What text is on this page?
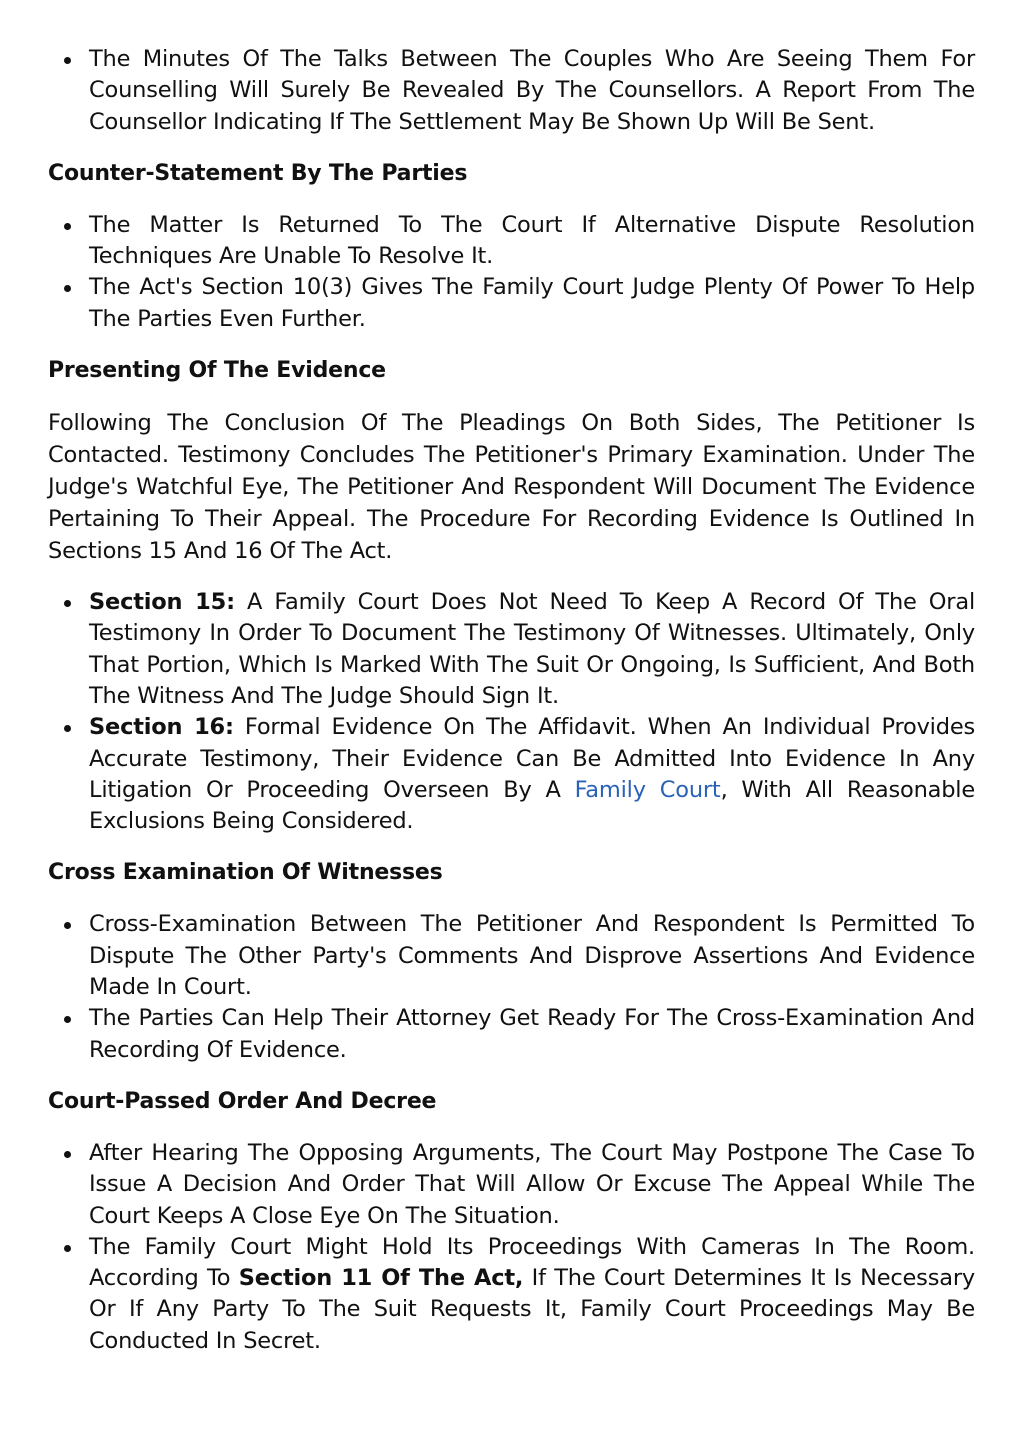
The Minutes Of The Talks Between The Couples Who Are Seeing Them For Counselling Will Surely Be Revealed By The Counsellors. A Report From The Counsellor Indicating If The Settlement May Be Shown Up Will Be Sent.
Counter-Statement By The Parties
The Matter Is Returned To The Court If Alternative Dispute Resolution Techniques Are Unable To Resolve It.
The Act's Section 10(3) Gives The Family Court Judge Plenty Of Power To Help The Parties Even Further.
Presenting Of The Evidence

Following The Conclusion Of The Pleadings On Both Sides, The Petitioner Is Contacted. Testimony Concludes The Petitioner's Primary Examination. Under The Judge's Watchful Eye, The Petitioner And Respondent Will Document The Evidence Pertaining To Their Appeal. The Procedure For Recording Evidence Is Outlined In Sections 15 And 16 Of The Act.

Section 15: A Family Court Does Not Need To Keep A Record Of The Oral Testimony In Order To Document The Testimony Of Witnesses. Ultimately, Only That Portion, Which Is Marked With The Suit Or Ongoing, Is Sufficient, And Both The Witness And The Judge Should Sign It.
Section 16: Formal Evidence On The Affidavit. When An Individual Provides Accurate Testimony, Their Evidence Can Be Admitted Into Evidence In Any Litigation Or Proceeding Overseen By A Family Court, With All Reasonable Exclusions Being Considered.
Cross Examination Of Witnesses
Cross-Examination Between The Petitioner And Respondent Is Permitted To Dispute The Other Party's Comments And Disprove Assertions And Evidence Made In Court.
The Parties Can Help Their Attorney Get Ready For The Cross-Examination And Recording Of Evidence.
Court-Passed Order And Decree
After Hearing The Opposing Arguments, The Court May Postpone The Case To Issue A Decision And Order That Will Allow Or Excuse The Appeal While The Court Keeps A Close Eye On The Situation.
The Family Court Might Hold Its Proceedings With Cameras In The Room. According To Section 11 Of The Act, If The Court Determines It Is Necessary Or If Any Party To The Suit Requests It, Family Court Proceedings May Be Conducted In Secret.
